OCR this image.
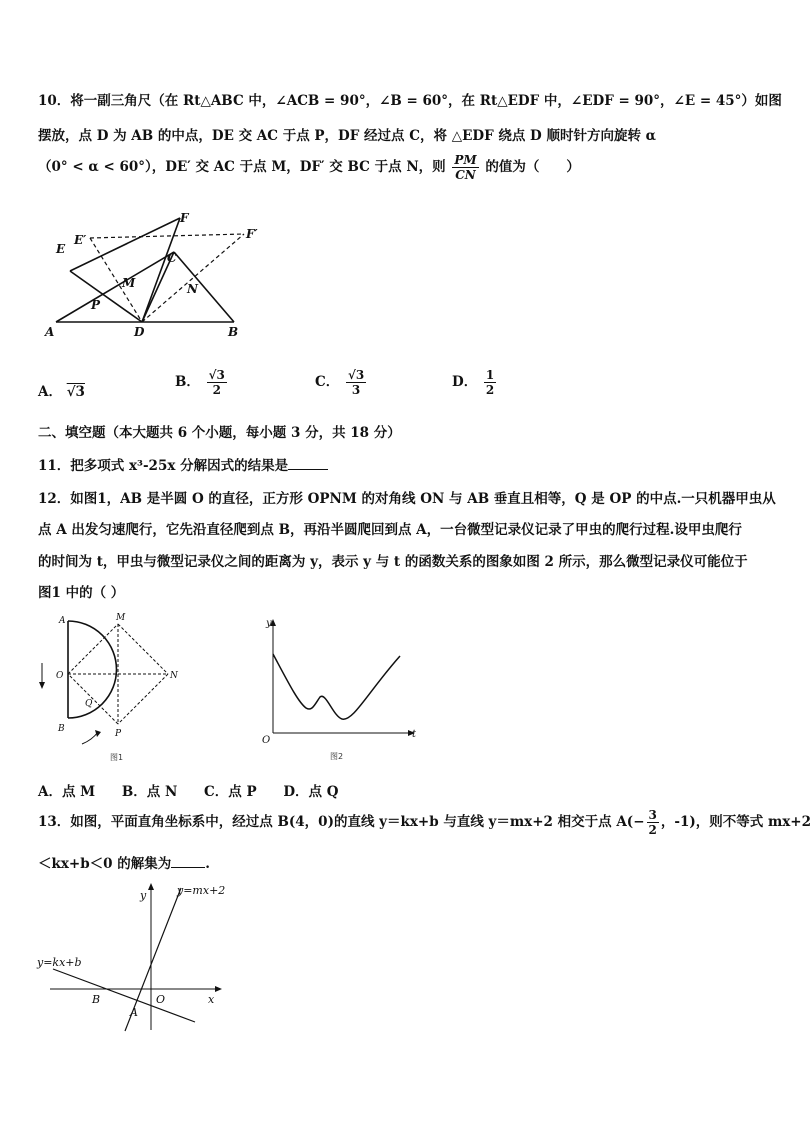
10．将一副三角尺（在 Rt△ABC 中，∠ACB = 90°，∠B = 60°，在 Rt△EDF 中，∠EDF = 90°，∠E = 45°）如图
摆放，点 D 为 AB 的中点，DE 交 AC 于点 P，DF 经过点 C，将 △EDF 绕点 D 顺时针方向旋转 α
（0° < α < 60°），DE′ 交 AC 于点 M，DF′ 交 BC 于点 N，则 $\frac{PM}{CN}$ 的值为（　　）
A	D	B
F
C
E
E′	F′
M	N
P
A． √3
B． $\frac{√3}{2}$	C． $\frac{√3}{3}$	D． $\frac{1}{2}$
二、填空题（本大题共 6 个小题，每小题 3 分，共 18 分）
11．把多项式 x³-25x 分解因式的结果是
12．如图1，AB 是半圆 O 的直径，正方形 OPNM 的对角线 ON 与 AB 垂直且相等，Q 是 OP 的中点.一只机器甲虫从
点 A 出发匀速爬行，它先沿直径爬到点 B，再沿半圆爬回到点 A，一台微型记录仪记录了甲虫的爬行过程.设甲虫爬行
的时间为 t，甲虫与微型记录仪之间的距离为 y，表示 y 与 t 的函数关系的图象如图 2 所示，那么微型记录仪可能位于
图1 中的（ ）
A	M
O	N
Q
B	P
图1
y
t
O
图2
A．点 M B．点 N C．点 P D．点 Q
13．如图，平面直角坐标系中，经过点 B(4，0)的直线 y＝kx+b 与直线 y＝mx+2 相交于点 $A(- \frac{3}{2}$ ，-1)，则不等式 mx+2
＜kx+b＜0 的解集为	.
y
x
O
A
B
y=mx+2
y=kx+b
